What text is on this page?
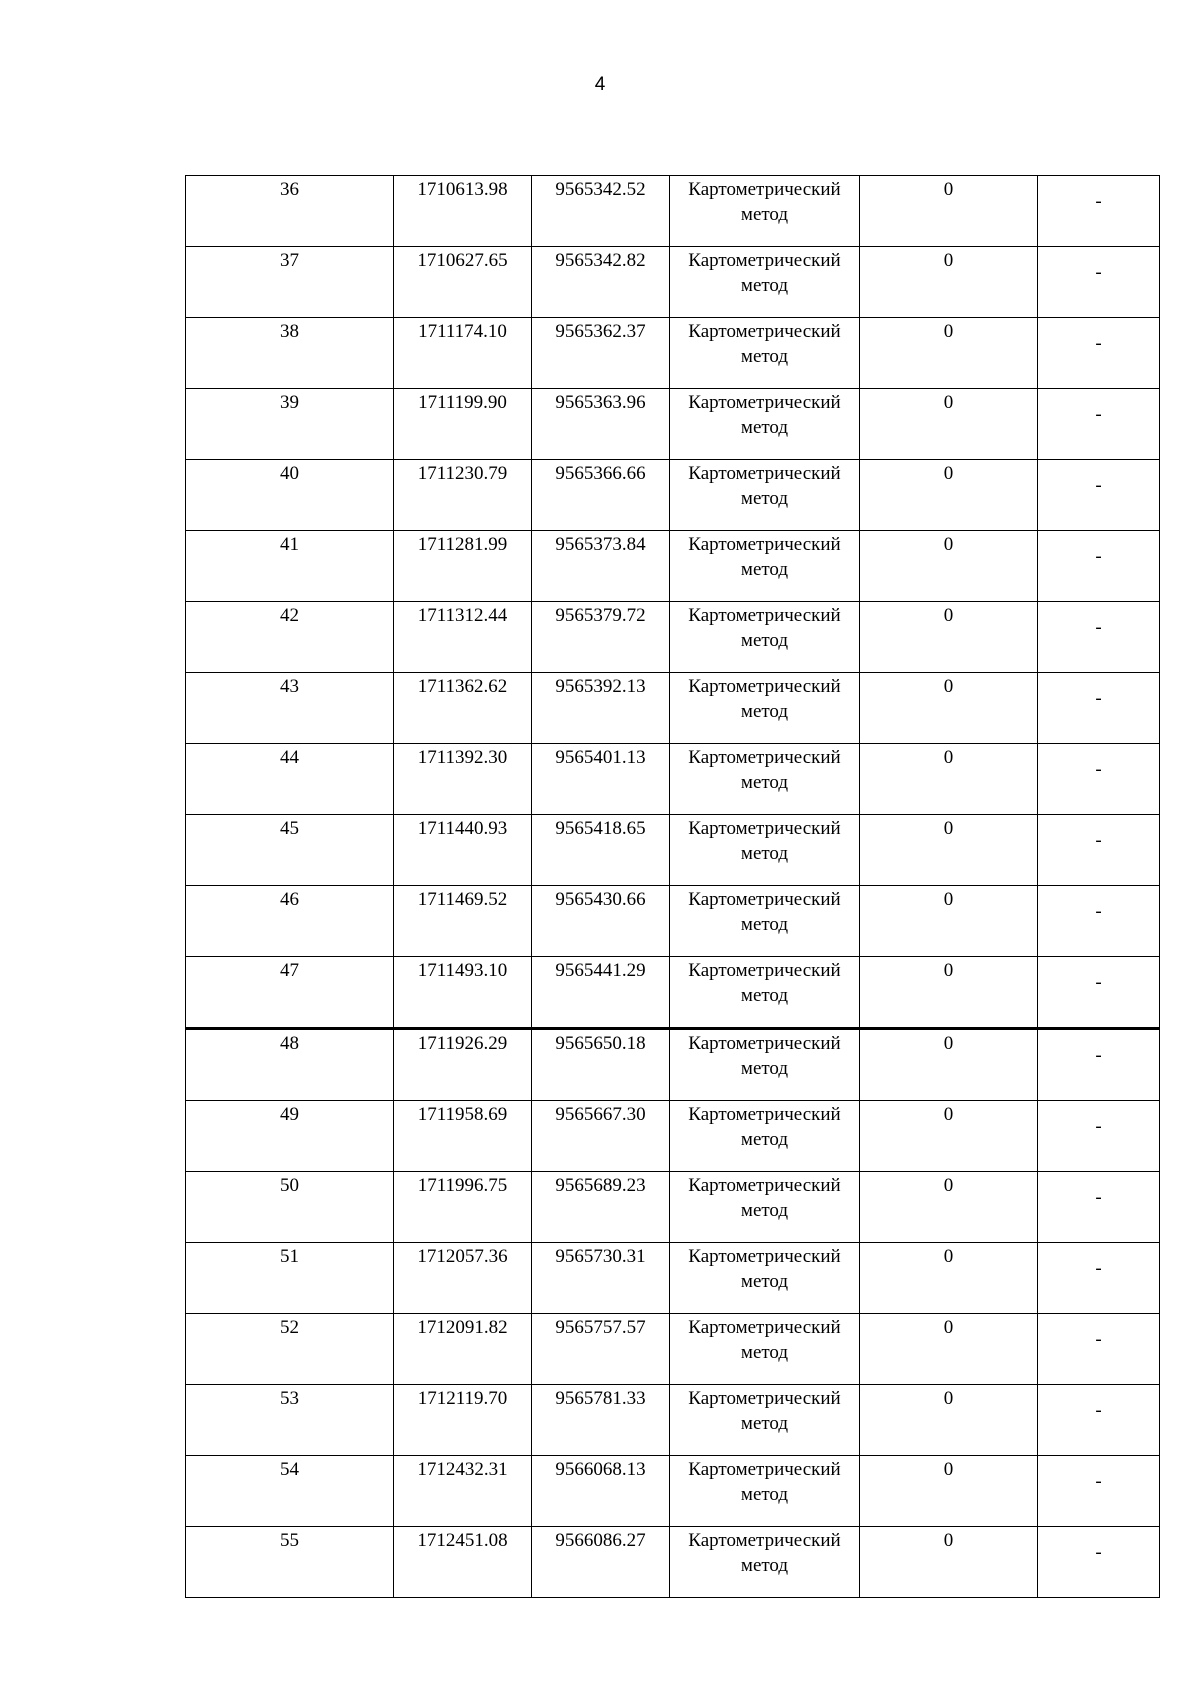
4
36	1710613.98	9565342.52	Картометрический метод	0	-

37	1710627.65	9565342.82	Картометрический метод	0	-

38	1711174.10	9565362.37	Картометрический метод	0	-

39	1711199.90	9565363.96	Картометрический метод	0	-

40	1711230.79	9565366.66	Картометрический метод	0	-

41	1711281.99	9565373.84	Картометрический метод	0	-

42	1711312.44	9565379.72	Картометрический метод	0	-

43	1711362.62	9565392.13	Картометрический метод	0	-

44	1711392.30	9565401.13	Картометрический метод	0	-

45	1711440.93	9565418.65	Картометрический метод	0	-

46	1711469.52	9565430.66	Картометрический метод	0	-

47	1711493.10	9565441.29	Картометрический метод	0	-

48	1711926.29	9565650.18	Картометрический метод	0	-

49	1711958.69	9565667.30	Картометрический метод	0	-

50	1711996.75	9565689.23	Картометрический метод	0	-

51	1712057.36	9565730.31	Картометрический метод	0	-

52	1712091.82	9565757.57	Картометрический метод	0	-

53	1712119.70	9565781.33	Картометрический метод	0	-

54	1712432.31	9566068.13	Картометрический метод	0	-

55	1712451.08	9566086.27	Картометрический метод	0	-
